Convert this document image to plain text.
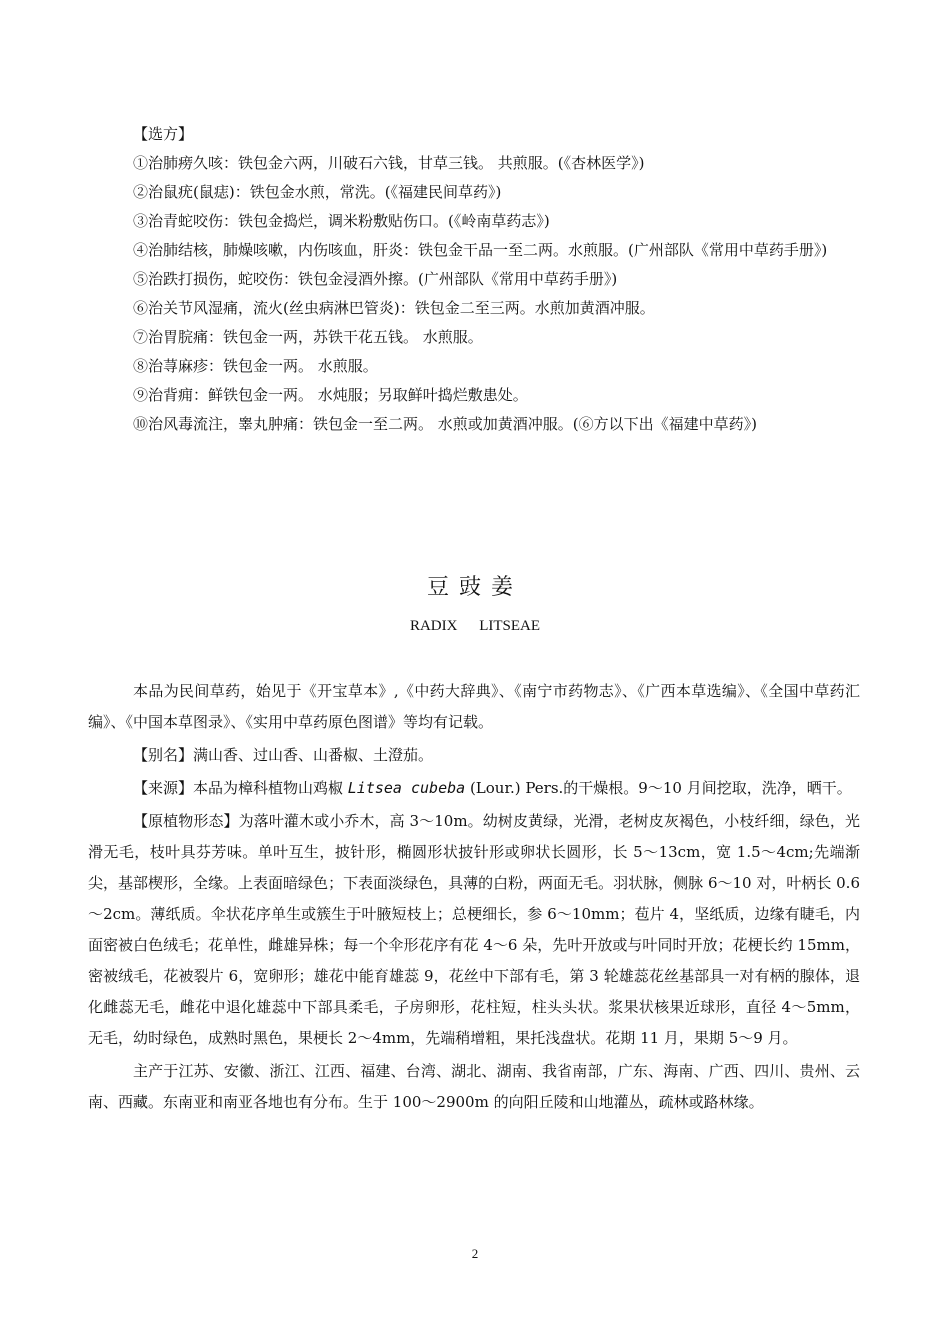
【选方】
①治肺痨久咳：铁包金六两，川破石六钱，甘草三钱。 共煎服。(《杏林医学》)
②治鼠疣(鼠痣)：铁包金水煎，常洗。(《福建民间草药》)
③治青蛇咬伤：铁包金捣烂，调米粉敷贴伤口。(《岭南草药志》)
④治肺结核，肺燥咳嗽，内伤咳血，肝炎：铁包金干品一至二两。水煎服。(广州部队《常用中草药手册》)
⑤治跌打损伤，蛇咬伤：铁包金浸酒外擦。(广州部队《常用中草药手册》)
⑥治关节风湿痛，流火(丝虫病淋巴管炎)：铁包金二至三两。水煎加黄酒冲服。
⑦治胃脘痛：铁包金一两，苏铁干花五钱。 水煎服。
⑧治荨麻疹：铁包金一两。 水煎服。
⑨治背痈：鲜铁包金一两。 水炖服；另取鲜叶捣烂敷患处。
⑩治风毒流注，睾丸肿痛：铁包金一至二两。 水煎或加黄酒冲服。(⑥方以下出《福建中草药》)
豆豉姜
RADIX LITSEAE
本品为民间草药，始见于《开宝草本》,《中药大辞典》、《南宁市药物志》、《广西本草选编》、《全国中草药汇编》、《中国本草图录》、《实用中草药原色图谱》等均有记载。
【别名】满山香、过山香、山番椒、土澄茄。
【来源】本品为樟科植物山鸡椒 Litsea cubeba (Lour.) Pers.的干燥根。9～10 月间挖取，洗净，晒干。
【原植物形态】为落叶灌木或小乔木，高 3～10m。幼树皮黄绿，光滑，老树皮灰褐色，小枝纤细，绿色，光滑无毛，枝叶具芬芳味。单叶互生，披针形，椭圆形状披针形或卵状长圆形，长 5～13cm，宽 1.5～4cm;先端渐尖，基部楔形，全缘。上表面暗绿色；下表面淡绿色，具薄的白粉，两面无毛。羽状脉，侧脉 6～10 对，叶柄长 0.6～2cm。薄纸质。伞状花序单生或簇生于叶腋短枝上；总梗细长，参 6～10mm；苞片 4，坚纸质，边缘有睫毛，内面密被白色绒毛；花单性，雌雄异株；每一个伞形花序有花 4～6 朵，先叶开放或与叶同时开放；花梗长约 15mm，密被绒毛，花被裂片 6，宽卵形；雄花中能育雄蕊 9，花丝中下部有毛，第 3 轮雄蕊花丝基部具一对有柄的腺体，退化雌蕊无毛，雌花中退化雄蕊中下部具柔毛，子房卵形，花柱短，柱头头状。浆果状核果近球形，直径 4～5mm，无毛，幼时绿色，成熟时黑色，果梗长 2～4mm，先端稍增粗，果托浅盘状。花期 11 月，果期 5～9 月。
主产于江苏、安徽、浙江、江西、福建、台湾、湖北、湖南、我省南部，广东、海南、广西、四川、贵州、云南、西藏。东南亚和南亚各地也有分布。生于 100～2900m 的向阳丘陵和山地灌丛，疏林或路林缘。
2
